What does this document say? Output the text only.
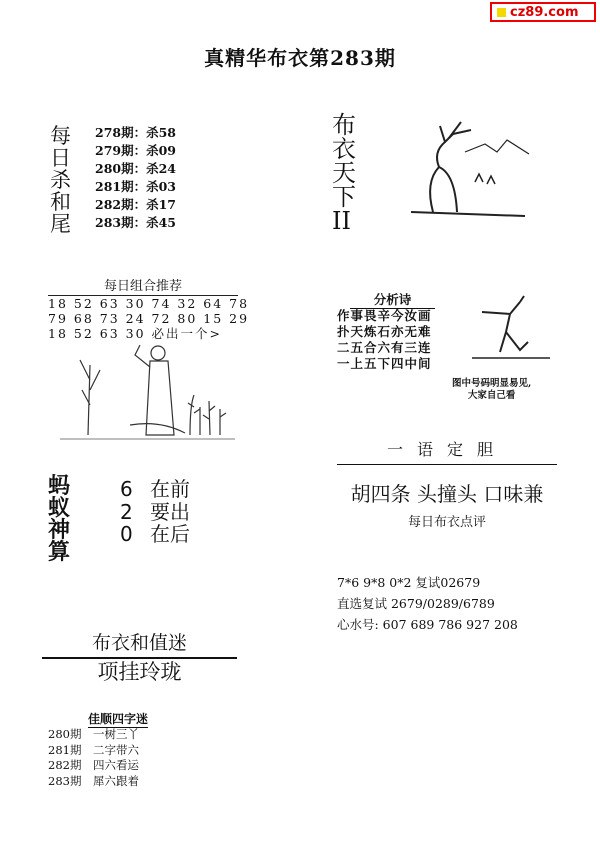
cz89.com
真精华布衣第283期
每
日
杀
和
尾
278期：杀58
279期：杀09
280期：杀24
281期：杀03
282期：杀17
283期：杀45
每日组合推荐
18 52 63 30 74 32 64 78
79 68 73 24 72 80 15 29
18 52 63 30 必出一个>
蚂
蚁
神
算
6 在前
2 要出
0 在后
布衣和值迷
项挂玲珑
佳顺四字迷
280期 一树三丫
281期 二字带六
282期 四六看运
283期 犀六跟着
布
衣
天
下
II
分析诗
作事畏辛今汝画
扑天炼石亦无难
二五合六有三连
一上五下四中间
图中号码明显易见,
大家自己看
一语定胆
胡四条 头撞头 口味兼
每日布衣点评
7*6 9*8 0*2 复试02679
直选复试 2679/0289/6789
心水号: 607 689 786 927 208
